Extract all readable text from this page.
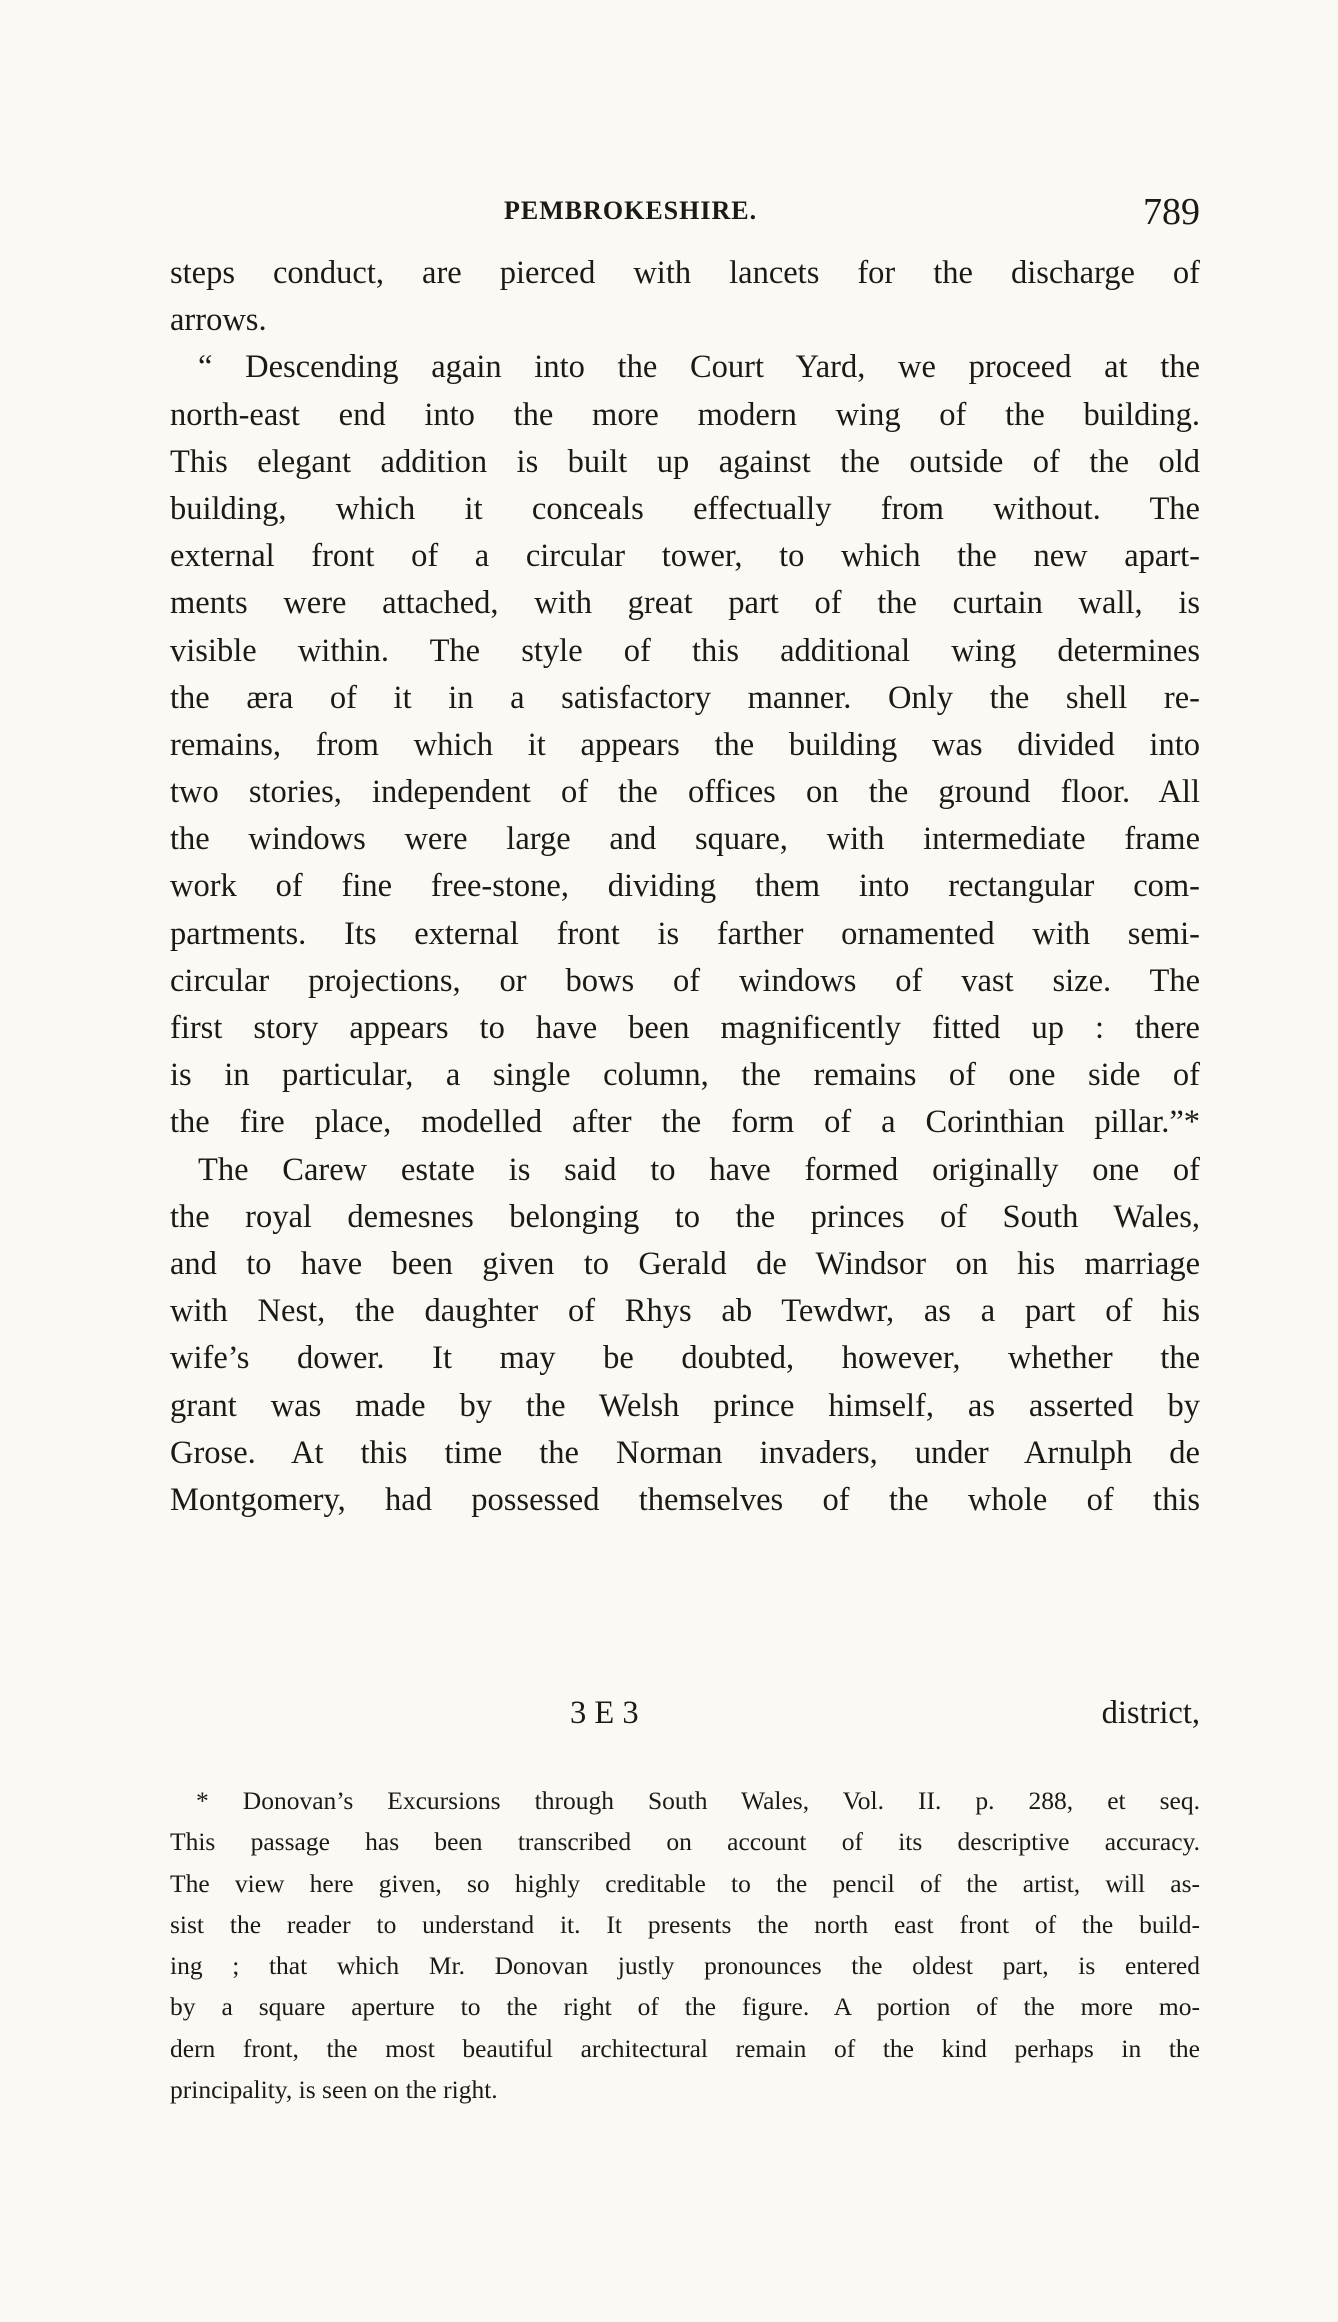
PEMBROKESHIRE.	789
steps conduct, are pierced with lancets for the discharge of
arrows.
“ Descending again into the Court Yard, we proceed at the
north-east end into the more modern wing of the building.
This elegant addition is built up against the outside of the old
building, which it conceals effectually from without. The
external front of a circular tower, to which the new apart-
ments were attached, with great part of the curtain wall, is
visible within. The style of this additional wing determines
the æra of it in a satisfactory manner. Only the shell re-
remains, from which it appears the building was divided into
two stories, independent of the offices on the ground floor. All
the windows were large and square, with intermediate frame
work of fine free-stone, dividing them into rectangular com-
partments. Its external front is farther ornamented with semi-
circular projections, or bows of windows of vast size. The
first story appears to have been magnificently fitted up : there
is in particular, a single column, the remains of one side of
the fire place, modelled after the form of a Corinthian pillar.”*
The Carew estate is said to have formed originally one of
the royal demesnes belonging to the princes of South Wales,
and to have been given to Gerald de Windsor on his marriage
with Nest, the daughter of Rhys ab Tewdwr, as a part of his
wife’s dower. It may be doubted, however, whether the
grant was made by the Welsh prince himself, as asserted by
Grose. At this time the Norman invaders, under Arnulph de
Montgomery, had possessed themselves of the whole of this
3 E 3	district,
* Donovan’s Excursions through South Wales, Vol. II. p. 288, et seq.
This passage has been transcribed on account of its descriptive accuracy.
The view here given, so highly creditable to the pencil of the artist, will as-
sist the reader to understand it. It presents the north east front of the build-
ing ; that which Mr. Donovan justly pronounces the oldest part, is entered
by a square aperture to the right of the figure. A portion of the more mo-
dern front, the most beautiful architectural remain of the kind perhaps in the
principality, is seen on the right.
